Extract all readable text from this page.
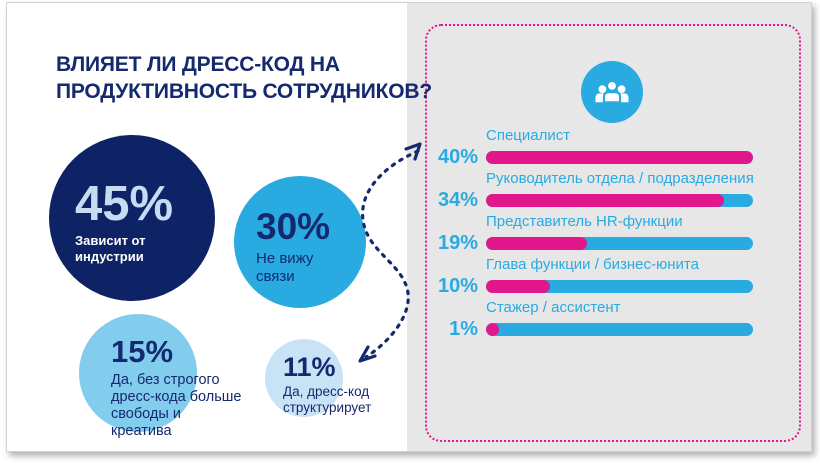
ВЛИЯЕТ ЛИ ДРЕСС-КОД НА ПРОДУКТИВНОСТЬ СОТРУДНИКОВ?
45%
Зависит от индустрии
30%
Не вижу связи
15%
Да, без строгого дресс-кода больше свободы и креатива
11%
Да, дресс-код структурирует
Специалист
40%
Руководитель отдела / подразделения
34%
Представитель HR-функции
19%
Глава функции / бизнес-юнита
10%
Стажер / ассистент
1%
